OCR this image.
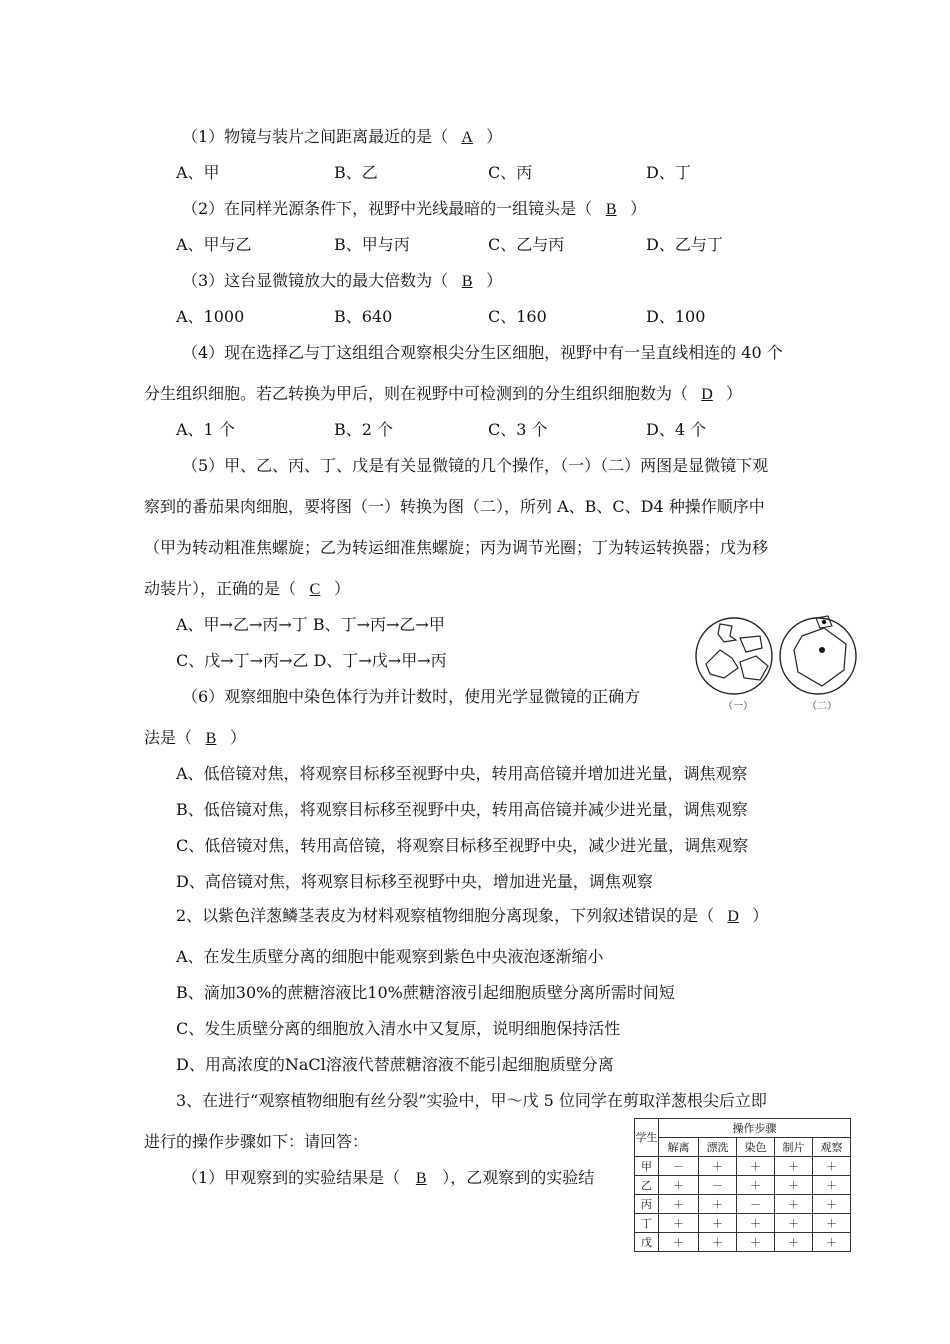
（1）物镜与装片之间距离最近的是（ A ）
A、甲	B、乙	C、丙	D、丁
（2）在同样光源条件下，视野中光线最暗的一组镜头是（ B ）
A、甲与乙	B、甲与丙	C、乙与丙	D、乙与丁
（3）这台显微镜放大的最大倍数为（ B ）
A、1000	B、640	C、160	D、100
（4）现在选择乙与丁这组组合观察根尖分生区细胞，视野中有一呈直线相连的 40 个
分生组织细胞。若乙转换为甲后，则在视野中可检测到的分生组织细胞数为（ D ）
A、1 个	B、2 个	C、3 个	D、4 个
（5）甲、乙、丙、丁、戊是有关显微镜的几个操作，（一）（二）两图是显微镜下观
察到的番茄果肉细胞，要将图（一）转换为图（二），所列 A、B、C、D4 种操作顺序中
（甲为转动粗准焦螺旋；乙为转运细准焦螺旋；丙为调节光圈；丁为转运转换器；戊为移
动装片），正确的是（ C ）
A、甲→乙→丙→丁 B、丁→丙→乙→甲
C、戊→丁→丙→乙 D、丁→戊→甲→丙
（一）	（二）
（6）观察细胞中染色体行为并计数时，使用光学显微镜的正确方
法是（ B ）
A、低倍镜对焦，将观察目标移至视野中央，转用高倍镜并增加进光量，调焦观察
B、低倍镜对焦，将观察目标移至视野中央，转用高倍镜并减少进光量，调焦观察
C、低倍镜对焦，转用高倍镜，将观察目标移至视野中央，减少进光量，调焦观察
D、高倍镜对焦，将观察目标移至视野中央，增加进光量，调焦观察
2、以紫色洋葱鳞茎表皮为材料观察植物细胞分离现象，下列叙述错误的是（ D ）
A、在发生质壁分离的细胞中能观察到紫色中央液泡逐渐缩小
B、滴加30%的蔗糖溶液比10%蔗糖溶液引起细胞质壁分离所需时间短
C、发生质壁分离的细胞放入清水中又复原，说明细胞保持活性
D、用高浓度的NaCl溶液代替蔗糖溶液不能引起细胞质壁分离
3、在进行“观察植物细胞有丝分裂”实验中，甲～戊 5 位同学在剪取洋葱根尖后立即
进行的操作步骤如下：请回答：
（1）甲观察到的实验结果是（ B ），乙观察到的实验结
学生	操作步骤				
	解离	漂洗	染色	制片	观察
甲	－	＋	＋	＋	＋
乙	＋	－	＋	＋	＋
丙	＋	＋	－	＋	＋
丁	＋	＋	＋	＋	＋
戊	＋	＋	＋	＋	＋
